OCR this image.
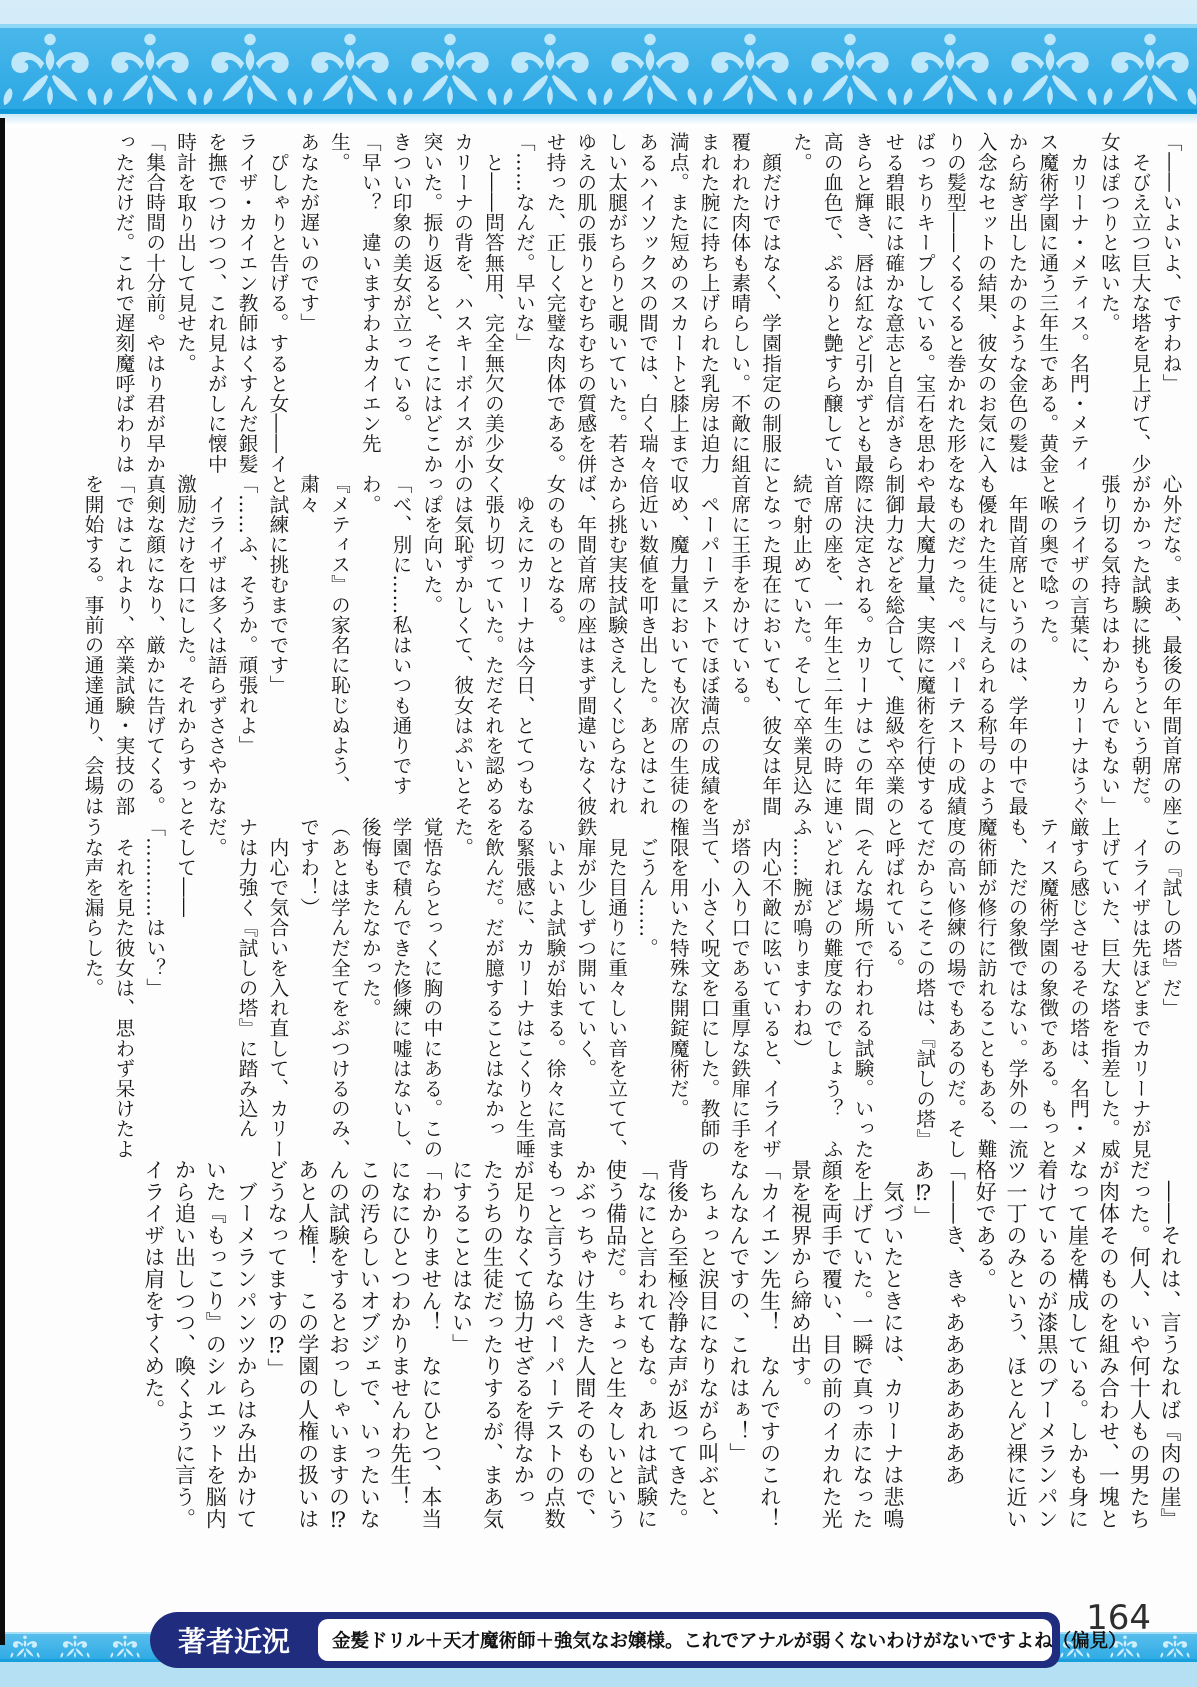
「――いよいよ、ですわね」

　そびえ立つ巨大な塔を見上げて、少

女はぽつりと呟いた。

　カリーナ・メティス。名門・メティ

ス魔術学園に通う三年生である。黄金

から紡ぎ出したかのような金色の髪は

入念なセットの結果、彼女のお気に入

りの髪型――くるくると巻かれた形を

ばっちりキープしている。宝石を思わ

せる碧眼には確かな意志と自信がきら

きらと輝き、唇は紅など引かずとも最

高の血色で、ぷるりと艶すら醸してい

た。

　顔だけではなく、学園指定の制服に

覆われた肉体も素晴らしい。不敵に組

まれた腕に持ち上げられた乳房は迫力

満点。また短めのスカートと膝上まで

あるハイソックスの間では、白く瑞々

しい太腿がちらりと覗いていた。若さ

ゆえの肌の張りとむちむちの質感を併

せ持った、正しく完璧な肉体である。

「……なんだ。早いな」

　と――問答無用、完全無欠の美少女

カリーナの背を、ハスキーボイスが小

突いた。振り返ると、そこにはどこか

きつい印象の美女が立っている。

「早い？　違いますわよカイエン先生。

あなたが遅いのです」

　ぴしゃりと告げる。すると女――イ

ライザ・カイエン教師はくすんだ銀髪

を撫でつけつつ、これ見よがしに懐中

時計を取り出して見せた。

「集合時間の十分前。やはり君が早か

っただけだ。これで遅刻魔呼ばわりは

心外だな。まあ、最後の年間首席の座

がかかった試験に挑もうという朝だ。

張り切る気持ちはわからんでもない」

　イライザの言葉に、カリーナはうぐ

と喉の奥で唸った。

　年間首席というのは、学年の中で最

も優れた生徒に与えられる称号のよう

なものだった。ペーパーテストの成績

や最大魔力量、実際に魔術を行使する

制御力などを総合して、進級や卒業の

際に決定される。カリーナはこの年間

首席の座を、一年生と二年生の時に連

続で射止めていた。そして卒業見込み

となった現在においても、彼女は年間

首席に王手をかけている。

　ペーパーテストでほぼ満点の成績を

収め、魔力量においても次席の生徒の

倍近い数値を叩き出した。あとはこれ

から挑む実技試験さえしくじらなけれ

ば、年間首席の座はまず間違いなく彼

女のものとなる。

　ゆえにカリーナは今日、とてつもな

く張り切っていた。ただそれを認める

のは気恥ずかしくて、彼女はぷいとそ

っぽを向いた。

「べ、別に……私はいつも通りですわ。

『メティス』の家名に恥じぬよう、粛々

と試練に挑むまでです」

「……ふ、そうか。頑張れよ」

　イライザは多くは語らずささやかな

激励だけを口にした。それからすっと

真剣な顔になり、厳かに告げてくる。

「ではこれより、卒業試験・実技の部

を開始する。事前の通達通り、会場は

この『試しの塔』だ」

　イライザは先ほどまでカリーナが見

上げていた、巨大な塔を指差した。威

厳すら感じさせるその塔は、名門・メ

ティス魔術学園の象徴である。もっと

も、ただの象徴ではない。学外の一流

魔術師が修行に訪れることもある、難

度の高い修練の場でもあるのだ。そし

てだからこそこの塔は、『試しの塔』

と呼ばれている。

（そんな場所で行われる試験。いった

いどれほどの難度なのでしょう？　ふ

ふ……腕が鳴りますわね）

　内心不敵に呟いていると、イライザ

が塔の入り口である重厚な鉄扉に手を

当て、小さく呪文を口にした。教師の

権限を用いた特殊な開錠魔術だ。

　ごうん……。

　見た目通りに重々しい音を立てて、

鉄扉が少しずつ開いていく。

　いよいよ試験が始まる。徐々に高ま

る緊張感に、カリーナはこくりと生唾

を飲んだ。だが臆することはなかった。

覚悟ならとっくに胸の中にある。この

学園で積んできた修練に嘘はないし、

後悔もまたなかった。

（あとは学んだ全てをぶつけるのみ、

ですわ！）

　内心で気合いを入れ直して、カリー

ナは力強く『試しの塔』に踏み込んだ。

そして――

「…………はい？」

　それを見た彼女は、思わず呆けたよ

うな声を漏らした。

　――それは、言うなれば『肉の崖』

だった。何人、いや何十人もの男たち

が肉体そのものを組み合わせ、一塊と

なって崖を構成している。しかも身に

着けているのが漆黒のブーメランパン

ツ一丁のみという、ほとんど裸に近い

格好である。

「――き、きゃああああああああ

あ⁉」

　気づいたときには、カリーナは悲鳴

を上げていた。一瞬で真っ赤になった

顔を両手で覆い、目の前のイカれた光

景を視界から締め出す。

「カイエン先生！　なんですのこれ！

なんなんですの、これはぁ！」

　ちょっと涙目になりながら叫ぶと、

背後から至極冷静な声が返ってきた。

「なにと言われてもな。あれは試験に

使う備品だ。ちょっと生々しいという

かぶっちゃけ生きた人間そのもので、

もっと言うならペーパーテストの点数

が足りなくて協力せざるを得なかっ

たうちの生徒だったりするが、まあ気

にすることはない」

「わかりません！　なにひとつ、本当

になにひとつわかりませんわ先生！

この汚らしいオブジェで、いったいな

んの試験をするとおっしゃいますの⁉

あと人権！　この学園の人権の扱いは

どうなってますの⁉」

　ブーメランパンツからはみ出かけて

いた『もっこり』のシルエットを脳内

から追い出しつつ、喚くように言う。

イライザは肩をすくめた。

164
著者近況	金髪ドリル＋天才魔術師＋強気なお嬢様。これでアナルが弱くないわけがないですよね（偏見）
